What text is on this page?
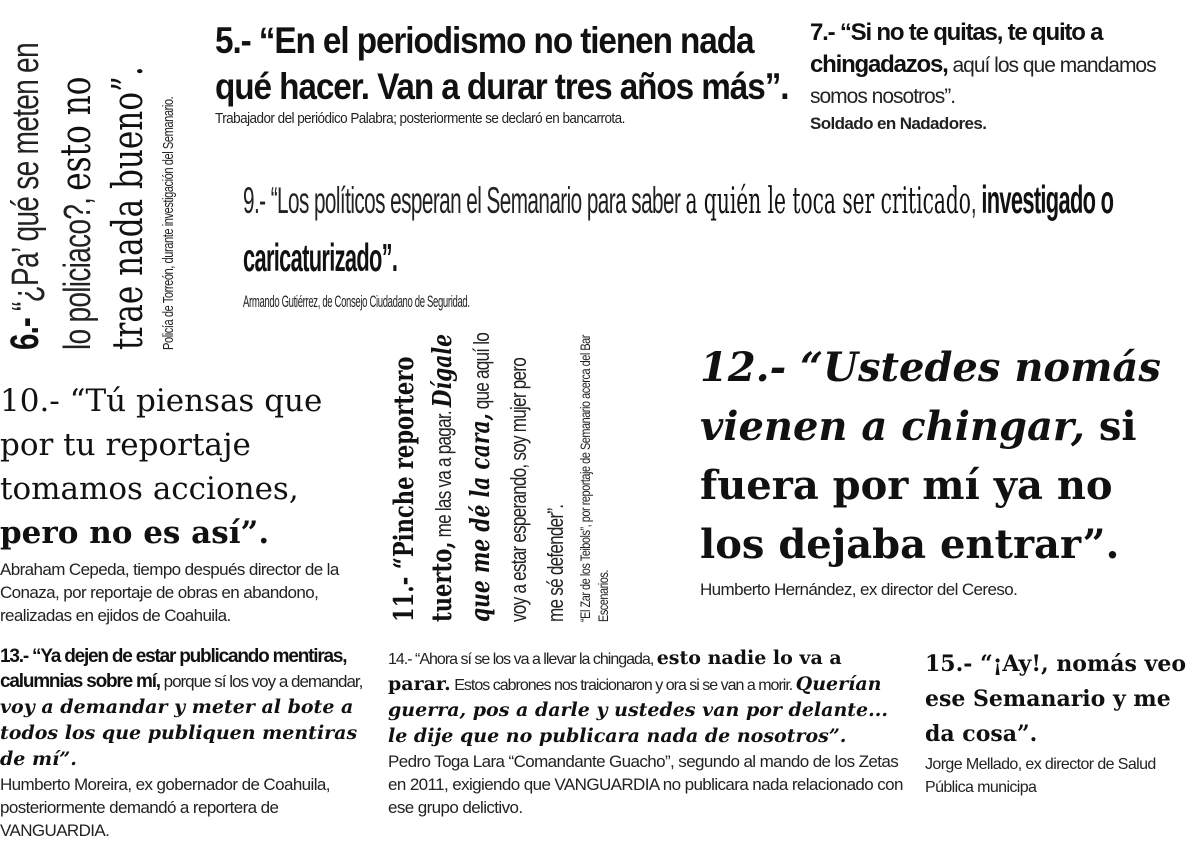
5.- “En el periodismo no tienen nada qué hacer. Van a durar tres años más”.
Trabajador del periódico Palabra; posteriormente se declaró en bancarrota.
7.- “Si no te quitas, te quito a chingadazos, aquí los que mandamos somos nosotros”.
Soldado en Nadadores.
9.- “Los políticos esperan el Semanario para saber a quién le toca ser criticado, investigado o caricaturizado”.
Armando Gutiérrez, de Consejo Ciudadano de Seguridad.
6.- “¿Pa’ qué se meten en lo policiaco?, esto no trae nada bueno”. Policía de Torreón, durante investigación del Semanario.
10.- “Tú piensas que por tu reportaje tomamos acciones, pero no es así”.
Abraham Cepeda, tiempo después director de la Conaza, por reportaje de obras en abandono, realizadas en ejidos de Coahuila.	11.- “Pinche reportero tuerto, me las va a pagar. Dígale que me dé la cara, que aquí lo voy a estar esperando, soy mujer pero me sé defender”. “El Zar de los Teibols”, por reportaje de Semanario acerca del Bar Escenarios.
12.- “Ustedes nomás vienen a chingar, si fuera por mí ya no los dejaba entrar”.
Humberto Hernández, ex director del Cereso.
13.- “Ya dejen de estar publicando mentiras, calumnias sobre mí, porque sí los voy a demandar, voy a demandar y meter al bote a todos los que publiquen mentiras de mí”.
Humberto Moreira, ex gobernador de Coahuila, posteriormente demandó a reportera de VANGUARDIA.
14.- “Ahora sí se los va a llevar la chingada, esto nadie lo va a parar. Estos cabrones nos traicionaron y ora si se van a morir. Querían guerra, pos a darle y ustedes van por delante... le dije que no publicara nada de nosotros”.
Pedro Toga Lara “Comandante Guacho”, segundo al mando de los Zetas en 2011, exigiendo que VANGUARDIA no publicara nada relacionado con ese grupo delictivo.
15.- “¡Ay!, nomás veo ese Semanario y me da cosa”.
Jorge Mellado, ex director de Salud Pública municipa
